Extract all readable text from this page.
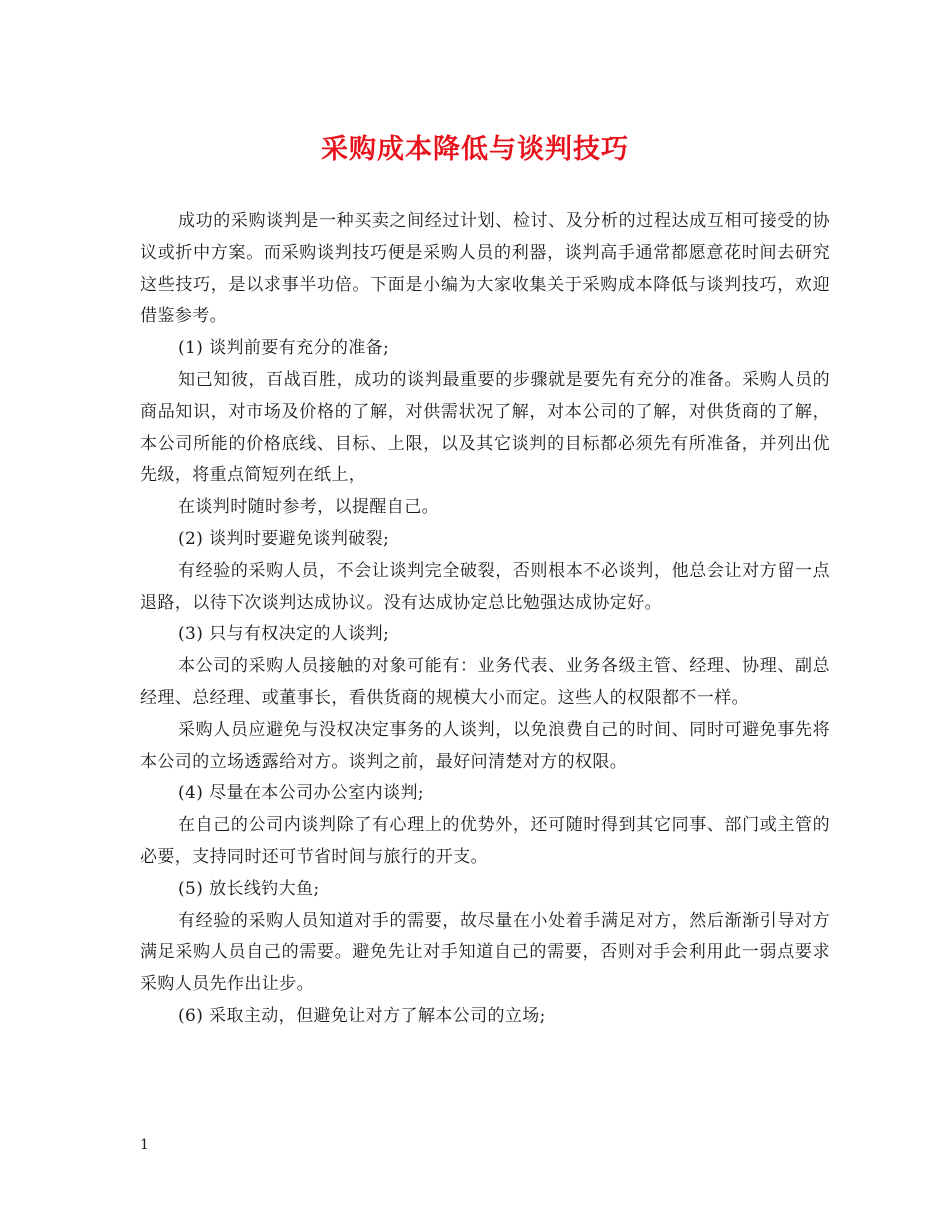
采购成本降低与谈判技巧

成功的采购谈判是一种买卖之间经过计划、检讨、及分析的过程达成互相可接受的协议或折中方案。而采购谈判技巧便是采购人员的利器，谈判高手通常都愿意花时间去研究这些技巧，是以求事半功倍。下面是小编为大家收集关于采购成本降低与谈判技巧，欢迎借鉴参考。

(1) 谈判前要有充分的准备;

知己知彼，百战百胜，成功的谈判最重要的步骤就是要先有充分的准备。采购人员的商品知识，对市场及价格的了解，对供需状况了解，对本公司的了解，对供货商的了解，本公司所能的价格底线、目标、上限，以及其它谈判的目标都必须先有所准备，并列出优先级，将重点简短列在纸上，

在谈判时随时参考，以提醒自己。

(2) 谈判时要避免谈判破裂;

有经验的采购人员，不会让谈判完全破裂，否则根本不必谈判，他总会让对方留一点退路，以待下次谈判达成协议。没有达成协定总比勉强达成协定好。

(3) 只与有权决定的人谈判;

本公司的采购人员接触的对象可能有：业务代表、业务各级主管、经理、协理、副总经理、总经理、或董事长，看供货商的规模大小而定。这些人的权限都不一样。

采购人员应避免与没权决定事务的人谈判，以免浪费自己的时间、同时可避免事先将本公司的立场透露给对方。谈判之前，最好问清楚对方的权限。

(4) 尽量在本公司办公室内谈判;

在自己的公司内谈判除了有心理上的优势外，还可随时得到其它同事、部门或主管的必要，支持同时还可节省时间与旅行的开支。

(5) 放长线钓大鱼;

有经验的采购人员知道对手的需要，故尽量在小处着手满足对方，然后渐渐引导对方满足采购人员自己的需要。避免先让对手知道自己的需要，否则对手会利用此一弱点要求采购人员先作出让步。

(6) 采取主动，但避免让对方了解本公司的立场;

1
